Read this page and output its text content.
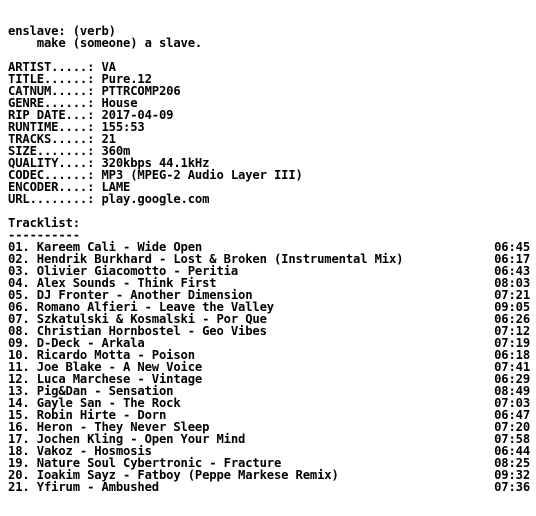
enslave: (verb)
make (someone) a slave.
ARTIST.....:
VA
TITLE......:
Pure.12
CATNUM.....:
PTTRCOMP206
GENRE......:
House
RIP DATE...:
2017-04-09
RUNTIME....:
155:53
TRACKS.....:
21
SIZE.......:
360m
QUALITY....:
320kbps 44.1kHz
CODEC......:
MP3 (MPEG-2 Audio Layer III)
ENCODER....:
LAME
URL........:
play.google.com
Tracklist:
----------
01. Kareem Cali - Wide Open	06:45
02. Hendrik Burkhard - Lost & Broken (Instrumental Mix)	06:17
03. Olivier Giacomotto - Peritia	06:43
04. Alex Sounds - Think First	08:03
05. DJ Fronter - Another Dimension	07:21
06. Romano Alfieri - Leave the Valley	09:05
07. Szkatulski & Kosmalski - Por Que	06:26
08. Christian Hornbostel - Geo Vibes	07:12
09. D-Deck - Arkala	07:19
10. Ricardo Motta - Poison	06:18
11. Joe Blake - A New Voice	07:41
12. Luca Marchese - Vintage	06:29
13. Pig&Dan - Sensation	08:49
14. Gayle San - The Rock	07:03
15. Robin Hirte - Dorn	06:47
16. Heron - They Never Sleep	07:20
17. Jochen Kling - Open Your Mind	07:58
18. Vakoz - Hosmosis	06:44
19. Nature Soul Cybertronic - Fracture	08:25
20. Ioakim Sayz - Fatboy (Peppe Markese Remix)	09:32
21. Yfirum - Ambushed	07:36
